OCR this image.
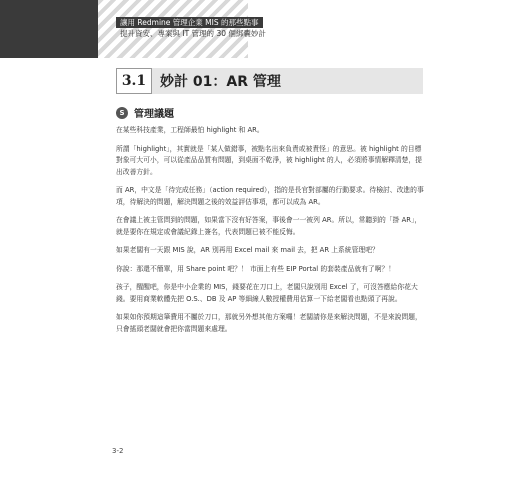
讓用 Redmine 管理企業 MIS 的那些點事
提升資安、專案與 IT 管理的 30 個綁囊妙計
3.1 妙計 01：AR 管理
S 管理議題

在某些科技產業，工程師最怕 highlight 和 AR。

所謂「highlight」，其實就是「某人做錯事，被點名出來負責或被責怪」的意思。被 highlight 的目標對象可大可小，可以從產品品質有問題，到桌面不乾淨，被 highlight 的人，必須將事情解釋清楚，提出改善方針。

而 AR，中文是「待完成任務」（action required），指的是長官對部屬的行動要求。待檢討、改進的事項，待解決的問題，解決問題之後的效益評估事項，都可以成為 AR。

在會議上被主管問到的問題，如果當下沒有好答案，事後會一一被列 AR。所以，常聽到的「掛 AR」，就是要你在規定或會議紀錄上簽名，代表問題已被不能反悔。

如果老闆有一天跟 MIS 說，AR 別再用 Excel mail 來 mail 去，把 AR 上系統管理吧？

你說：那還不簡單，用 Share point 吧？！ 市面上有些 EIP Portal 的套裝產品就有了啊？！

孩子，醒醒吧，你是中小企業的 MIS，錢要花在刀口上，老闆只說別用 Excel 了，可沒答應給你花大錢。要用商業軟體先把 O.S.、DB 及 AP 等細線人數授權費用估算一下給老闆看也點頭了再說。

如果如你預期這筆費用不屬於刀口，那就另外想其他方案囉！老闆請你是來解決問題，不是來說問題，只會搖頭老闆就會把你當問題來處理。

3-2
